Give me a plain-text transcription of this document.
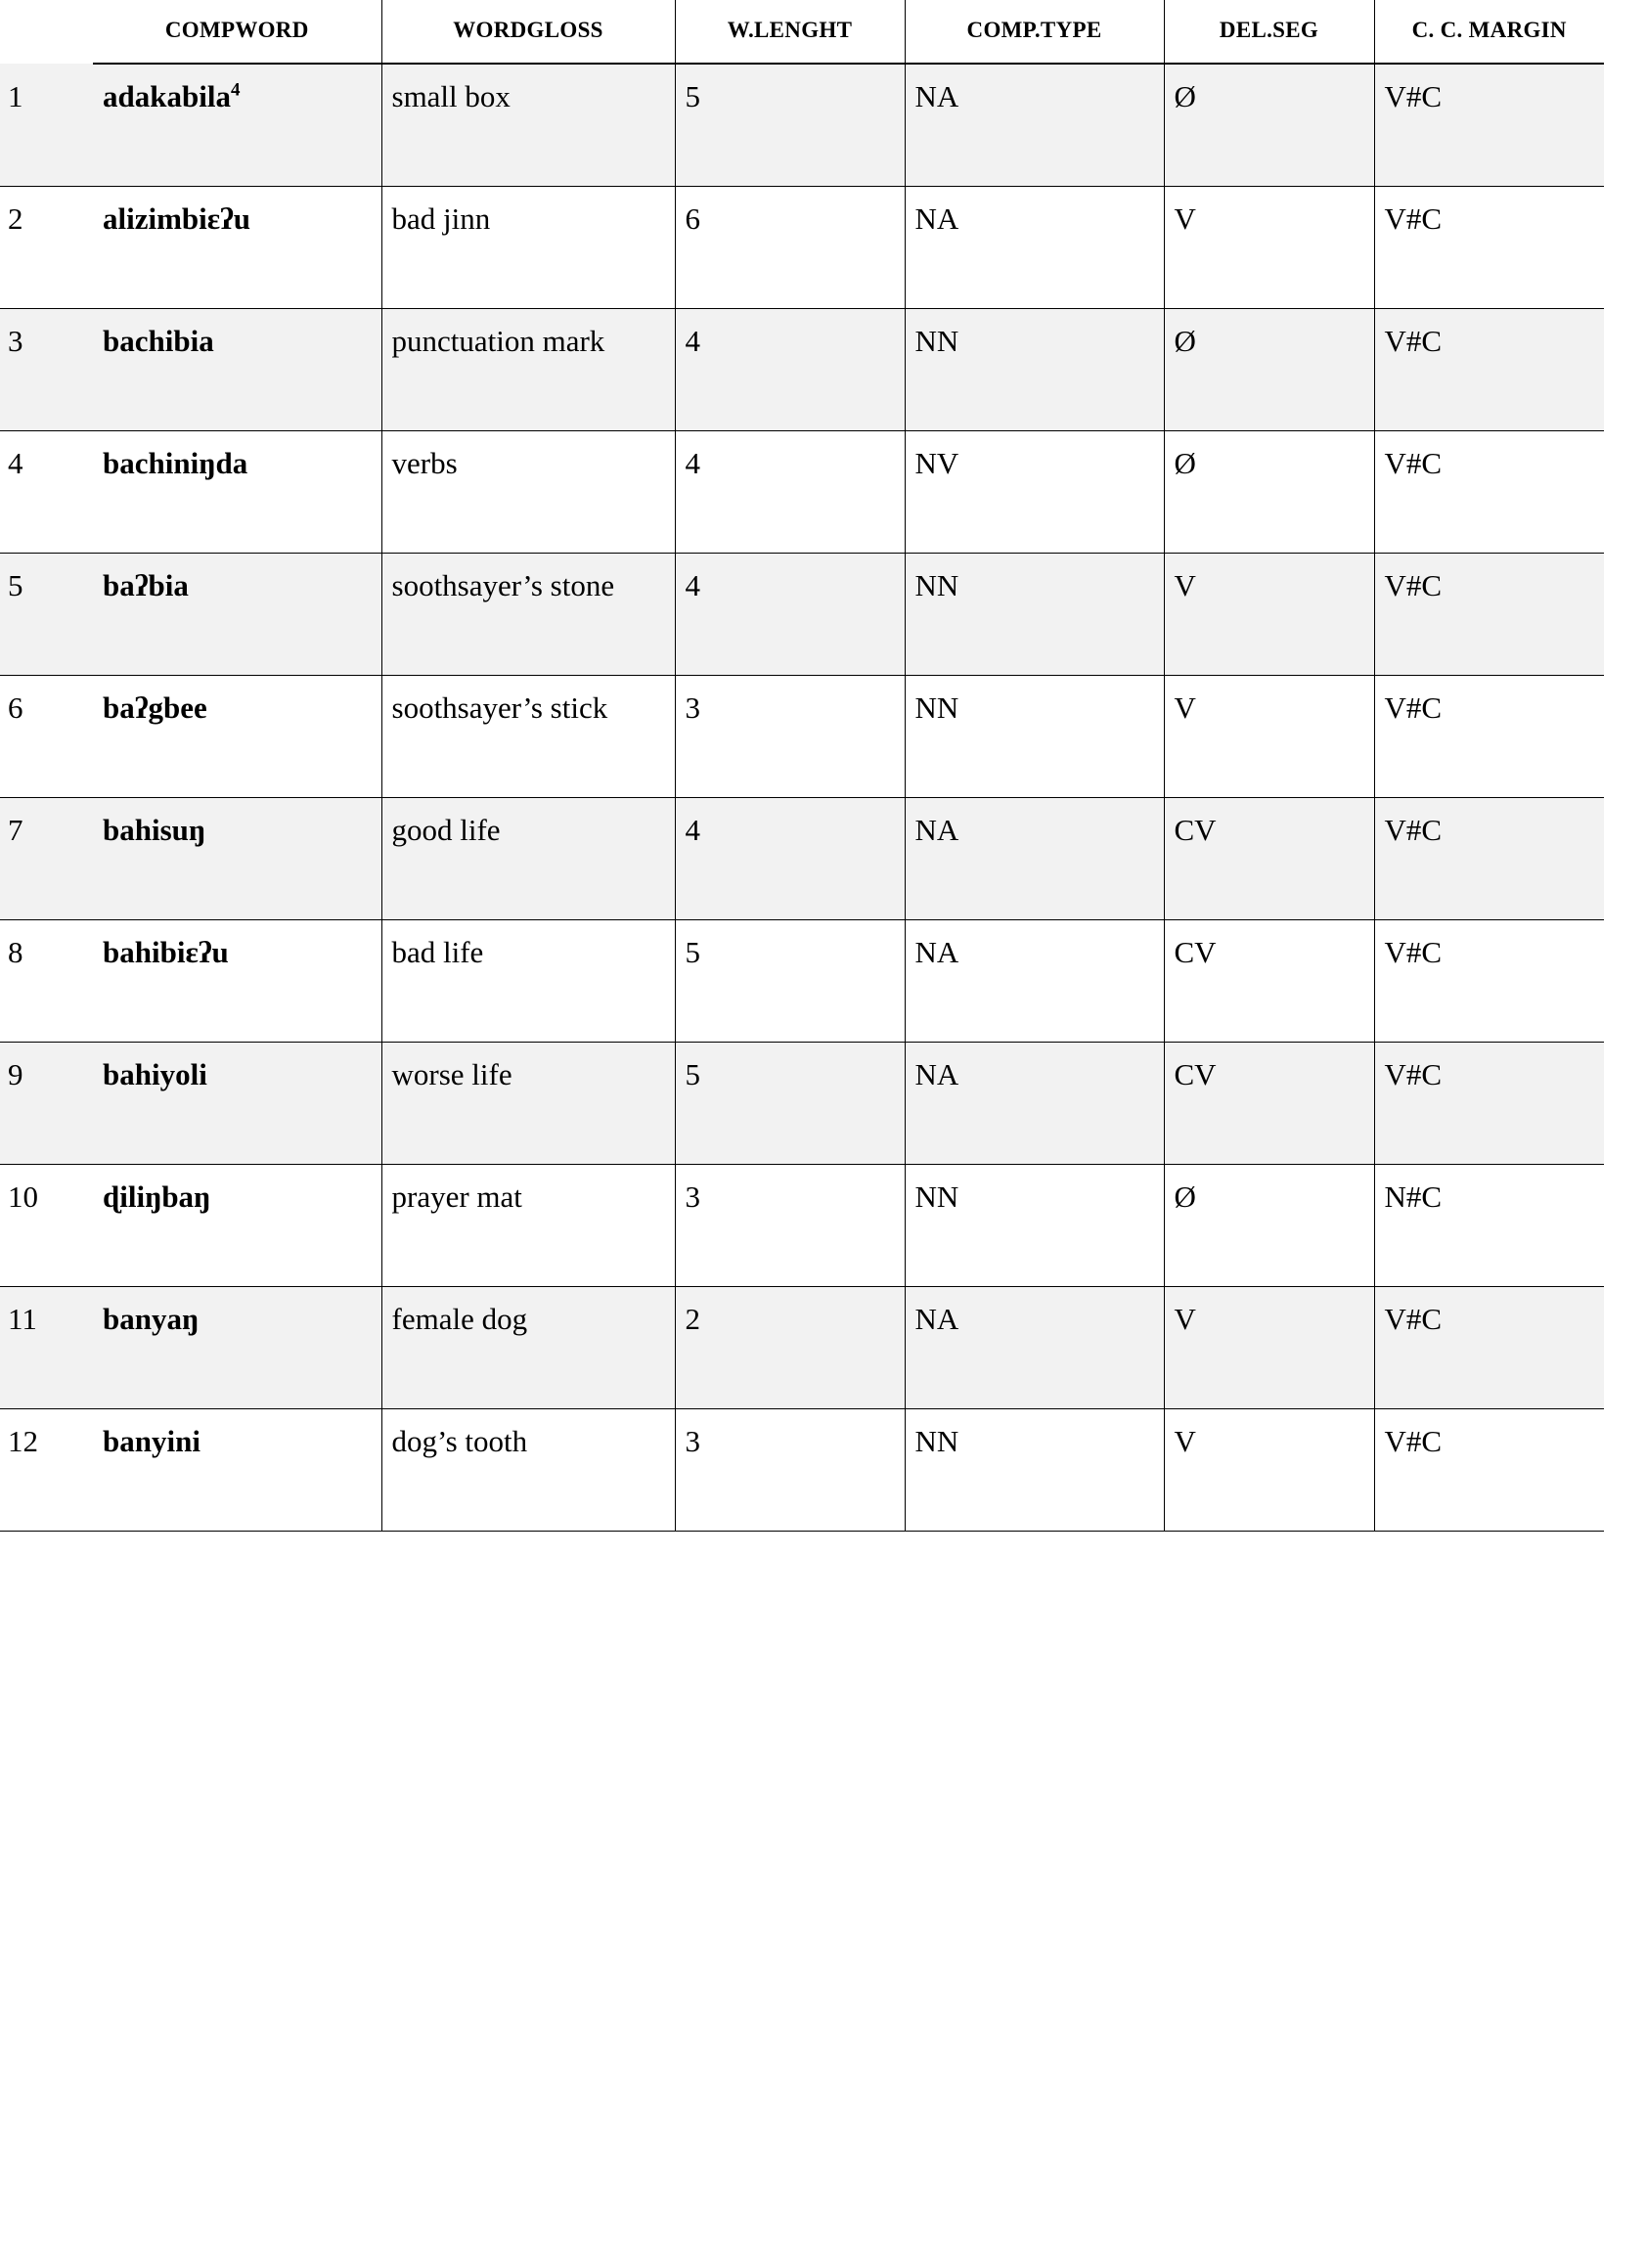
	COMPWORD	WORDGLOSS	W.LENGHT	COMP.TYPE	DEL.SEG	C. C. MARGIN
1	adakabila$^4$	small box	5	NA	Ø	V#C
2	alizimbiɛʔu	bad jinn	6	NA	V	V#C
3	bachibia	punctuation mark	4	NN	Ø	V#C
4	bachiniŋda	verbs	4	NV	Ø	V#C
5	baʔbia	soothsayer’s stone	4	NN	V	V#C
6	baʔgbee	soothsayer’s stick	3	NN	V	V#C
7	bahisuŋ	good life	4	NA	CV	V#C
8	bahibiɛʔu	bad life	5	NA	CV	V#C
9	bahiyoli	worse life	5	NA	CV	V#C
10	ɖiliŋbaŋ	prayer mat	3	NN	Ø	N#C
11	banyaŋ	female dog	2	NA	V	V#C
12	banyini	dog’s tooth	3	NN	V	V#C
